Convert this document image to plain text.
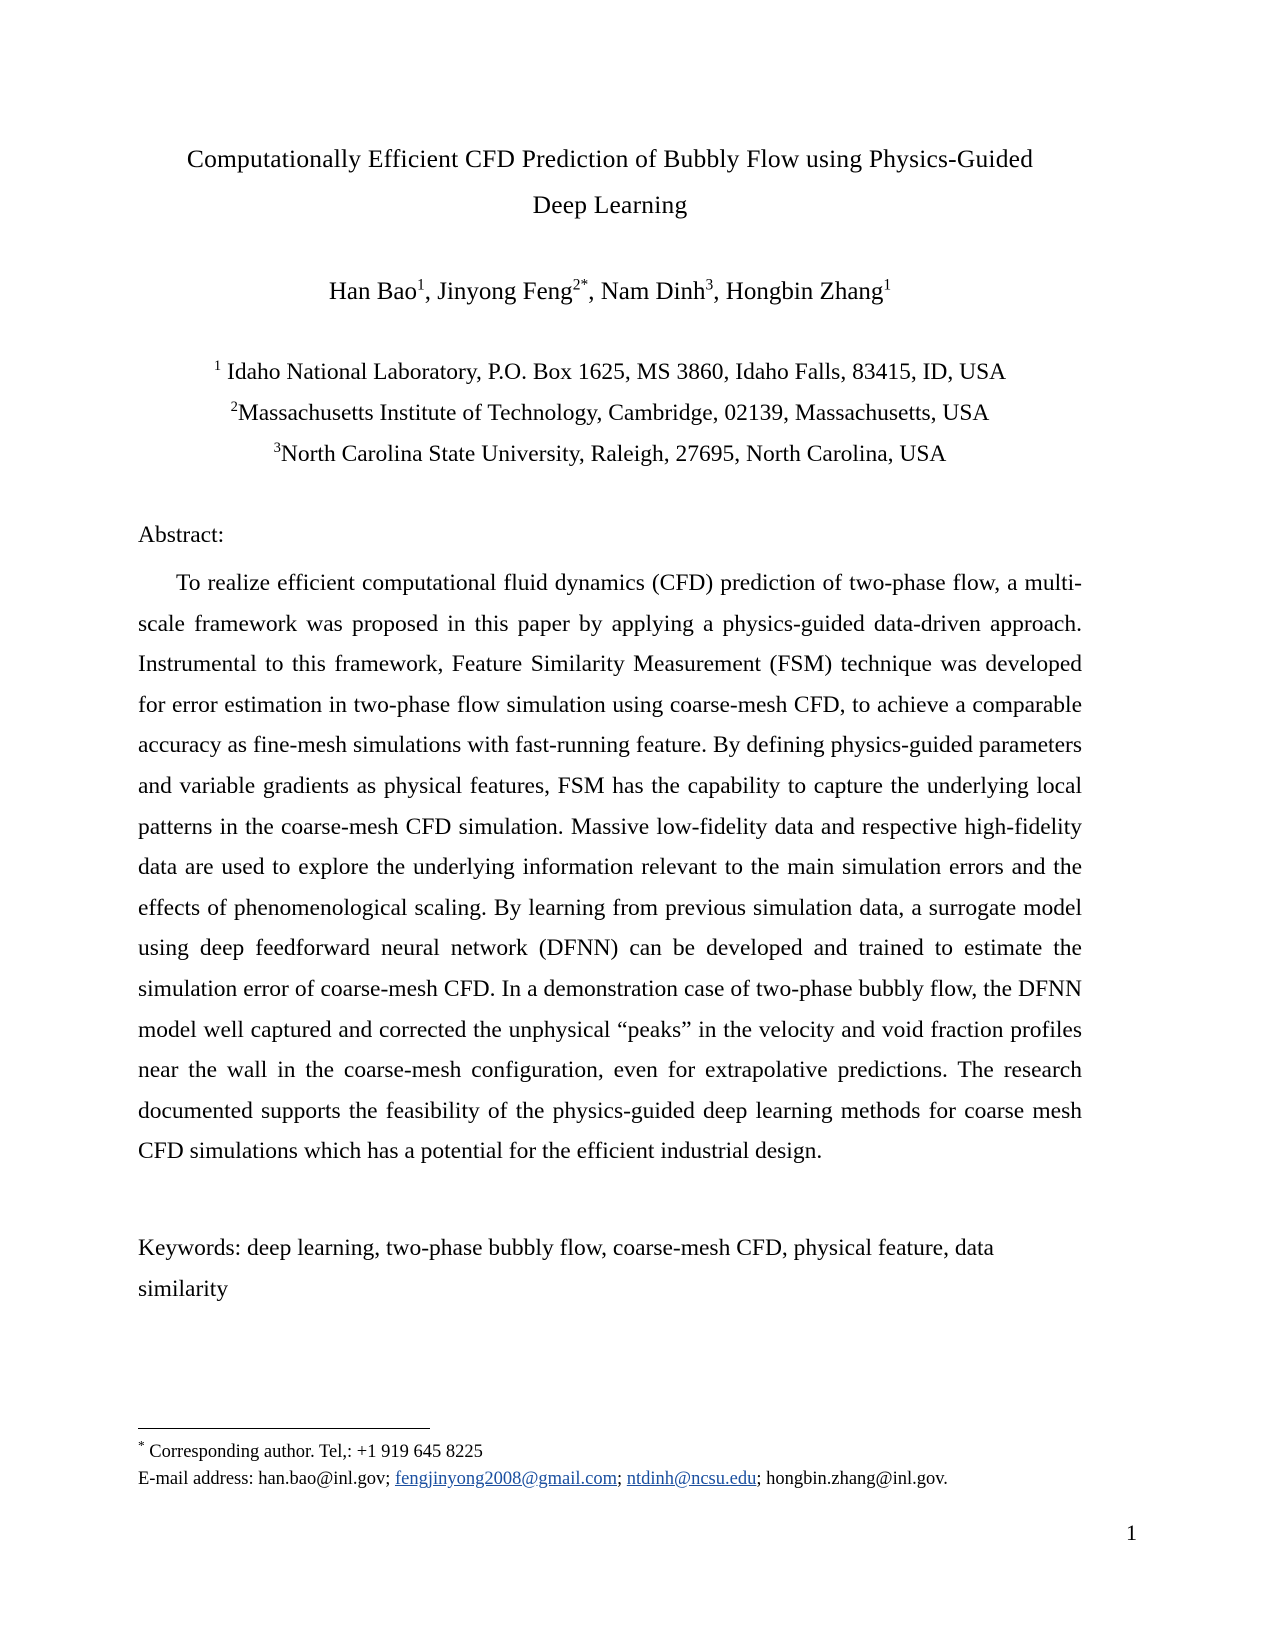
Computationally Efficient CFD Prediction of Bubbly Flow using Physics-Guided Deep Learning
Han Bao$^1$, Jinyong Feng$^{2*}$, Nam Dinh$^3$, Hongbin Zhang$^1$
$^1$ Idaho National Laboratory, P.O. Box 1625, MS 3860, Idaho Falls, 83415, ID, USA
$^2$Massachusetts Institute of Technology, Cambridge, 02139, Massachusetts, USA
$^3$North Carolina State University, Raleigh, 27695, North Carolina, USA
Abstract:
To realize efficient computational fluid dynamics (CFD) prediction of two-phase flow, a multi-scale framework was proposed in this paper by applying a physics-guided data-driven approach. Instrumental to this framework, Feature Similarity Measurement (FSM) technique was developed for error estimation in two-phase flow simulation using coarse-mesh CFD, to achieve a comparable accuracy as fine-mesh simulations with fast-running feature. By defining physics-guided parameters and variable gradients as physical features, FSM has the capability to capture the underlying local patterns in the coarse-mesh CFD simulation. Massive low-fidelity data and respective high-fidelity data are used to explore the underlying information relevant to the main simulation errors and the effects of phenomenological scaling. By learning from previous simulation data, a surrogate model using deep feedforward neural network (DFNN) can be developed and trained to estimate the simulation error of coarse-mesh CFD. In a demonstration case of two-phase bubbly flow, the DFNN model well captured and corrected the unphysical “peaks” in the velocity and void fraction profiles near the wall in the coarse-mesh configuration, even for extrapolative predictions. The research documented supports the feasibility of the physics-guided deep learning methods for coarse mesh CFD simulations which has a potential for the efficient industrial design.
Keywords: deep learning, two-phase bubbly flow, coarse-mesh CFD, physical feature, data similarity
* Corresponding author. Tel,: +1 919 645 8225
E-mail address: han.bao@inl.gov; fengjinyong2008@gmail.com; ntdinh@ncsu.edu; hongbin.zhang@inl.gov.
1
